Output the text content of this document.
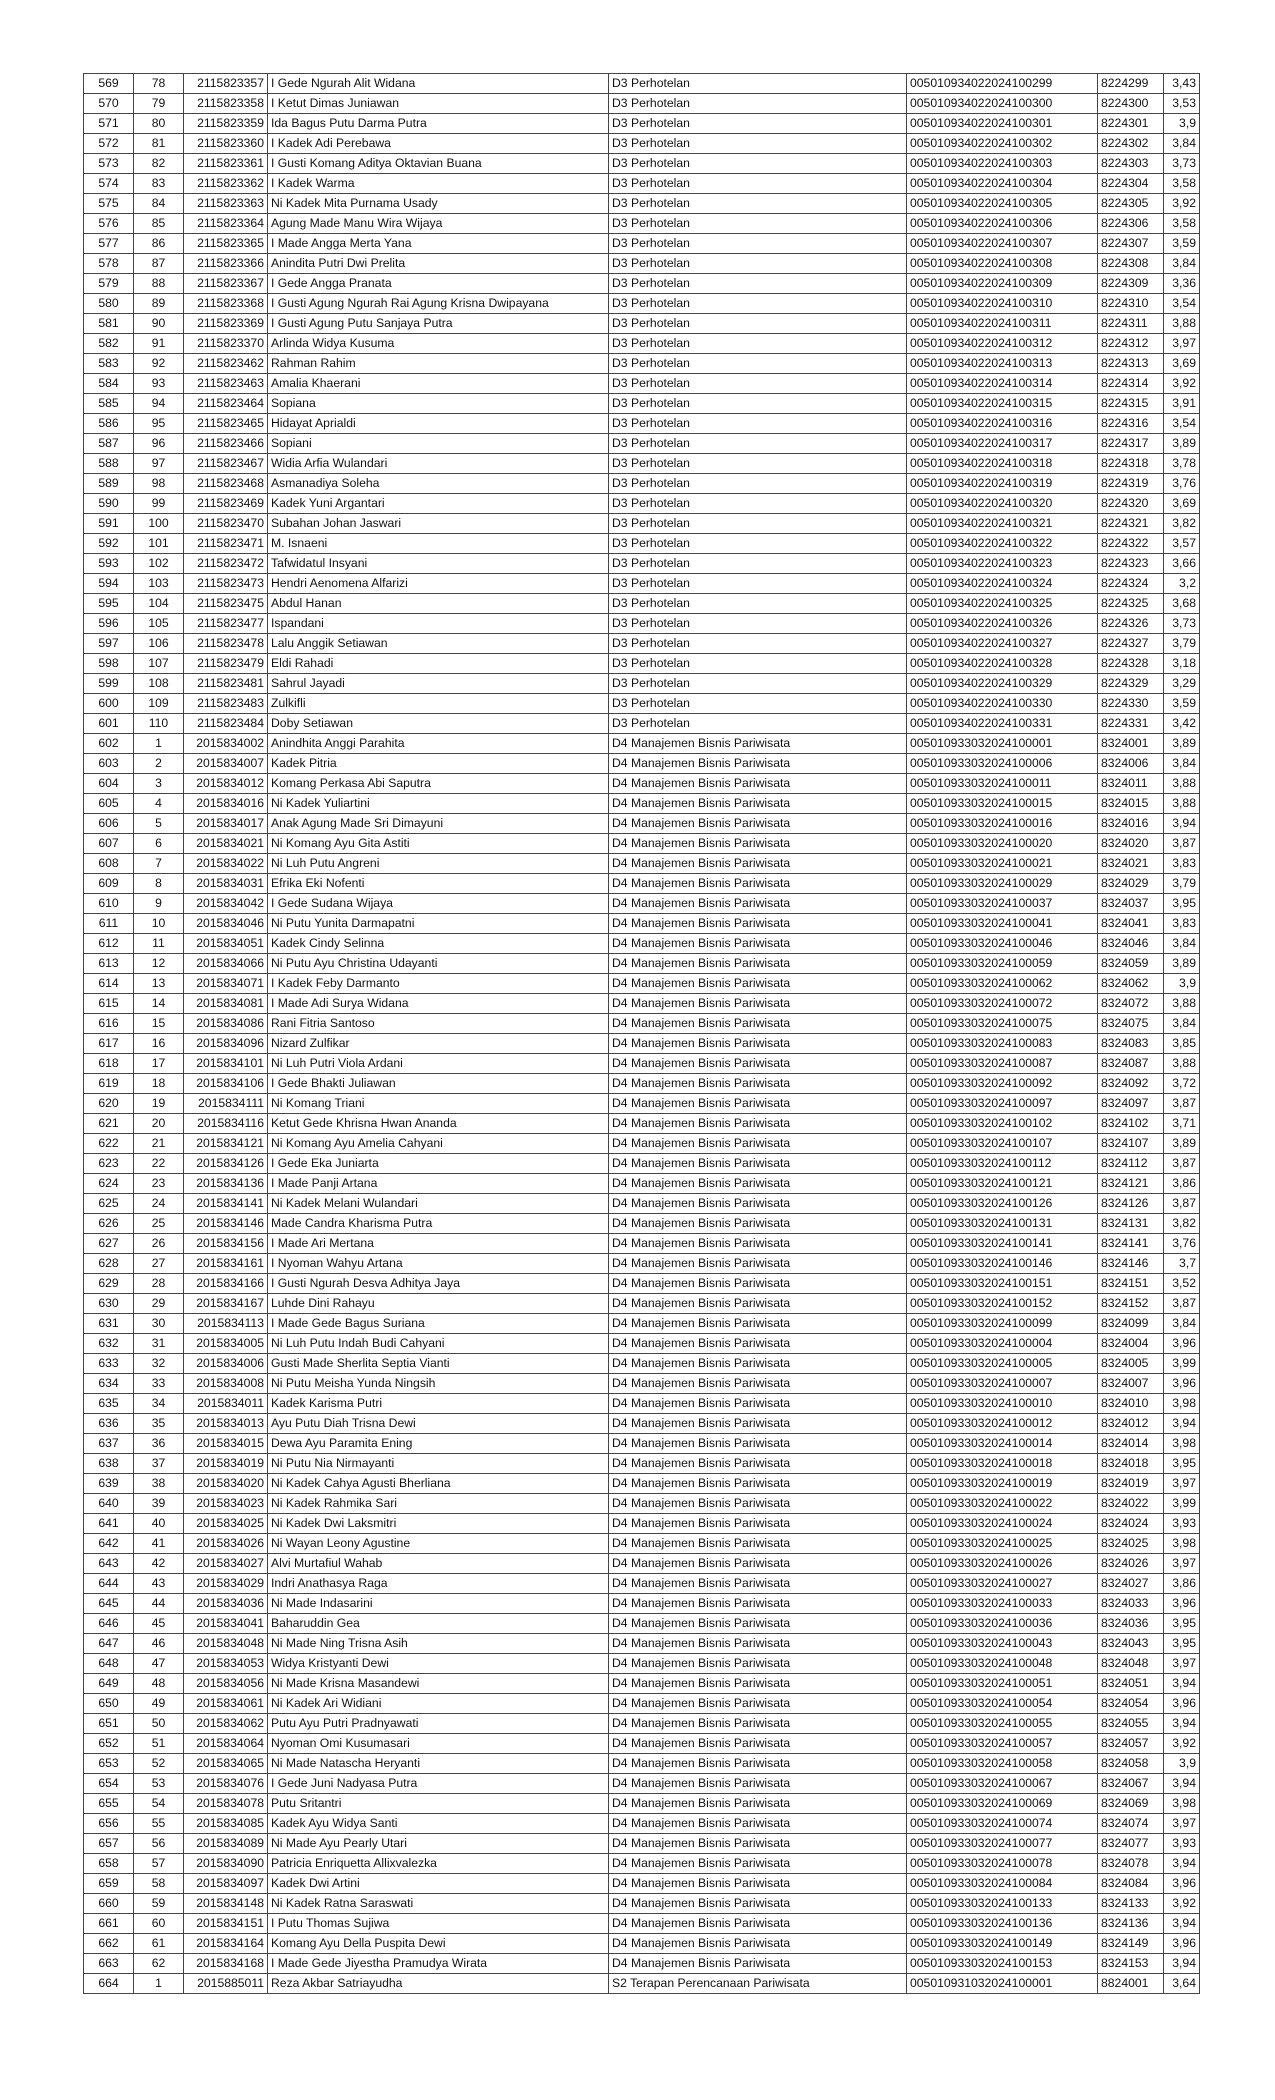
569	78	2115823357	I Gede Ngurah Alit Widana	D3 Perhotelan	005010934022024100299	8224299	3,43
570	79	2115823358	I Ketut Dimas Juniawan	D3 Perhotelan	005010934022024100300	8224300	3,53
571	80	2115823359	Ida Bagus Putu Darma Putra	D3 Perhotelan	005010934022024100301	8224301	3,9
572	81	2115823360	I Kadek Adi Perebawa	D3 Perhotelan	005010934022024100302	8224302	3,84
573	82	2115823361	I Gusti Komang Aditya Oktavian Buana	D3 Perhotelan	005010934022024100303	8224303	3,73
574	83	2115823362	I Kadek Warma	D3 Perhotelan	005010934022024100304	8224304	3,58
575	84	2115823363	Ni Kadek Mita Purnama Usady	D3 Perhotelan	005010934022024100305	8224305	3,92
576	85	2115823364	Agung Made Manu Wira Wijaya	D3 Perhotelan	005010934022024100306	8224306	3,58
577	86	2115823365	I Made Angga Merta Yana	D3 Perhotelan	005010934022024100307	8224307	3,59
578	87	2115823366	Anindita Putri Dwi Prelita	D3 Perhotelan	005010934022024100308	8224308	3,84
579	88	2115823367	I Gede Angga Pranata	D3 Perhotelan	005010934022024100309	8224309	3,36
580	89	2115823368	I Gusti Agung Ngurah Rai Agung Krisna Dwipayana	D3 Perhotelan	005010934022024100310	8224310	3,54
581	90	2115823369	I Gusti Agung Putu Sanjaya Putra	D3 Perhotelan	005010934022024100311	8224311	3,88
582	91	2115823370	Arlinda Widya Kusuma	D3 Perhotelan	005010934022024100312	8224312	3,97
583	92	2115823462	Rahman Rahim	D3 Perhotelan	005010934022024100313	8224313	3,69
584	93	2115823463	Amalia Khaerani	D3 Perhotelan	005010934022024100314	8224314	3,92
585	94	2115823464	Sopiana	D3 Perhotelan	005010934022024100315	8224315	3,91
586	95	2115823465	Hidayat Aprialdi	D3 Perhotelan	005010934022024100316	8224316	3,54
587	96	2115823466	Sopiani	D3 Perhotelan	005010934022024100317	8224317	3,89
588	97	2115823467	Widia Arfia Wulandari	D3 Perhotelan	005010934022024100318	8224318	3,78
589	98	2115823468	Asmanadiya Soleha	D3 Perhotelan	005010934022024100319	8224319	3,76
590	99	2115823469	Kadek Yuni Argantari	D3 Perhotelan	005010934022024100320	8224320	3,69
591	100	2115823470	Subahan Johan Jaswari	D3 Perhotelan	005010934022024100321	8224321	3,82
592	101	2115823471	M. Isnaeni	D3 Perhotelan	005010934022024100322	8224322	3,57
593	102	2115823472	Tafwidatul Insyani	D3 Perhotelan	005010934022024100323	8224323	3,66
594	103	2115823473	Hendri Aenomena Alfarizi	D3 Perhotelan	005010934022024100324	8224324	3,2
595	104	2115823475	Abdul Hanan	D3 Perhotelan	005010934022024100325	8224325	3,68
596	105	2115823477	Ispandani	D3 Perhotelan	005010934022024100326	8224326	3,73
597	106	2115823478	Lalu Anggik Setiawan	D3 Perhotelan	005010934022024100327	8224327	3,79
598	107	2115823479	Eldi Rahadi	D3 Perhotelan	005010934022024100328	8224328	3,18
599	108	2115823481	Sahrul Jayadi	D3 Perhotelan	005010934022024100329	8224329	3,29
600	109	2115823483	Zulkifli	D3 Perhotelan	005010934022024100330	8224330	3,59
601	110	2115823484	Doby Setiawan	D3 Perhotelan	005010934022024100331	8224331	3,42
602	1	2015834002	Anindhita Anggi Parahita	D4 Manajemen Bisnis Pariwisata	005010933032024100001	8324001	3,89
603	2	2015834007	Kadek Pitria	D4 Manajemen Bisnis Pariwisata	005010933032024100006	8324006	3,84
604	3	2015834012	Komang Perkasa Abi Saputra	D4 Manajemen Bisnis Pariwisata	005010933032024100011	8324011	3,88
605	4	2015834016	Ni Kadek Yuliartini	D4 Manajemen Bisnis Pariwisata	005010933032024100015	8324015	3,88
606	5	2015834017	Anak Agung Made Sri Dimayuni	D4 Manajemen Bisnis Pariwisata	005010933032024100016	8324016	3,94
607	6	2015834021	Ni Komang Ayu Gita Astiti	D4 Manajemen Bisnis Pariwisata	005010933032024100020	8324020	3,87
608	7	2015834022	Ni Luh Putu Angreni	D4 Manajemen Bisnis Pariwisata	005010933032024100021	8324021	3,83
609	8	2015834031	Efrika Eki Nofenti	D4 Manajemen Bisnis Pariwisata	005010933032024100029	8324029	3,79
610	9	2015834042	I Gede Sudana Wijaya	D4 Manajemen Bisnis Pariwisata	005010933032024100037	8324037	3,95
611	10	2015834046	Ni Putu Yunita Darmapatni	D4 Manajemen Bisnis Pariwisata	005010933032024100041	8324041	3,83
612	11	2015834051	Kadek Cindy Selinna	D4 Manajemen Bisnis Pariwisata	005010933032024100046	8324046	3,84
613	12	2015834066	Ni Putu Ayu Christina Udayanti	D4 Manajemen Bisnis Pariwisata	005010933032024100059	8324059	3,89
614	13	2015834071	I Kadek Feby Darmanto	D4 Manajemen Bisnis Pariwisata	005010933032024100062	8324062	3,9
615	14	2015834081	I Made Adi Surya Widana	D4 Manajemen Bisnis Pariwisata	005010933032024100072	8324072	3,88
616	15	2015834086	Rani Fitria Santoso	D4 Manajemen Bisnis Pariwisata	005010933032024100075	8324075	3,84
617	16	2015834096	Nizard Zulfikar	D4 Manajemen Bisnis Pariwisata	005010933032024100083	8324083	3,85
618	17	2015834101	Ni Luh Putri Viola Ardani	D4 Manajemen Bisnis Pariwisata	005010933032024100087	8324087	3,88
619	18	2015834106	I Gede Bhakti Juliawan	D4 Manajemen Bisnis Pariwisata	005010933032024100092	8324092	3,72
620	19	2015834111	Ni Komang Triani	D4 Manajemen Bisnis Pariwisata	005010933032024100097	8324097	3,87
621	20	2015834116	Ketut Gede Khrisna Hwan Ananda	D4 Manajemen Bisnis Pariwisata	005010933032024100102	8324102	3,71
622	21	2015834121	Ni Komang Ayu Amelia Cahyani	D4 Manajemen Bisnis Pariwisata	005010933032024100107	8324107	3,89
623	22	2015834126	I Gede Eka Juniarta	D4 Manajemen Bisnis Pariwisata	005010933032024100112	8324112	3,87
624	23	2015834136	I Made Panji Artana	D4 Manajemen Bisnis Pariwisata	005010933032024100121	8324121	3,86
625	24	2015834141	Ni Kadek Melani Wulandari	D4 Manajemen Bisnis Pariwisata	005010933032024100126	8324126	3,87
626	25	2015834146	Made Candra Kharisma Putra	D4 Manajemen Bisnis Pariwisata	005010933032024100131	8324131	3,82
627	26	2015834156	I Made Ari Mertana	D4 Manajemen Bisnis Pariwisata	005010933032024100141	8324141	3,76
628	27	2015834161	I Nyoman Wahyu Artana	D4 Manajemen Bisnis Pariwisata	005010933032024100146	8324146	3,7
629	28	2015834166	I Gusti Ngurah Desva Adhitya Jaya	D4 Manajemen Bisnis Pariwisata	005010933032024100151	8324151	3,52
630	29	2015834167	Luhde Dini Rahayu	D4 Manajemen Bisnis Pariwisata	005010933032024100152	8324152	3,87
631	30	2015834113	I Made Gede Bagus Suriana	D4 Manajemen Bisnis Pariwisata	005010933032024100099	8324099	3,84
632	31	2015834005	Ni Luh Putu Indah Budi Cahyani	D4 Manajemen Bisnis Pariwisata	005010933032024100004	8324004	3,96
633	32	2015834006	Gusti Made Sherlita Septia Vianti	D4 Manajemen Bisnis Pariwisata	005010933032024100005	8324005	3,99
634	33	2015834008	Ni Putu Meisha Yunda Ningsih	D4 Manajemen Bisnis Pariwisata	005010933032024100007	8324007	3,96
635	34	2015834011	Kadek Karisma Putri	D4 Manajemen Bisnis Pariwisata	005010933032024100010	8324010	3,98
636	35	2015834013	Ayu Putu Diah Trisna Dewi	D4 Manajemen Bisnis Pariwisata	005010933032024100012	8324012	3,94
637	36	2015834015	Dewa Ayu Paramita Ening	D4 Manajemen Bisnis Pariwisata	005010933032024100014	8324014	3,98
638	37	2015834019	Ni Putu Nia Nirmayanti	D4 Manajemen Bisnis Pariwisata	005010933032024100018	8324018	3,95
639	38	2015834020	Ni Kadek Cahya Agusti Bherliana	D4 Manajemen Bisnis Pariwisata	005010933032024100019	8324019	3,97
640	39	2015834023	Ni Kadek Rahmika Sari	D4 Manajemen Bisnis Pariwisata	005010933032024100022	8324022	3,99
641	40	2015834025	Ni Kadek Dwi Laksmitri	D4 Manajemen Bisnis Pariwisata	005010933032024100024	8324024	3,93
642	41	2015834026	Ni Wayan Leony Agustine	D4 Manajemen Bisnis Pariwisata	005010933032024100025	8324025	3,98
643	42	2015834027	Alvi Murtafiul Wahab	D4 Manajemen Bisnis Pariwisata	005010933032024100026	8324026	3,97
644	43	2015834029	Indri Anathasya Raga	D4 Manajemen Bisnis Pariwisata	005010933032024100027	8324027	3,86
645	44	2015834036	Ni Made Indasarini	D4 Manajemen Bisnis Pariwisata	005010933032024100033	8324033	3,96
646	45	2015834041	Baharuddin Gea	D4 Manajemen Bisnis Pariwisata	005010933032024100036	8324036	3,95
647	46	2015834048	Ni Made Ning Trisna Asih	D4 Manajemen Bisnis Pariwisata	005010933032024100043	8324043	3,95
648	47	2015834053	Widya Kristyanti Dewi	D4 Manajemen Bisnis Pariwisata	005010933032024100048	8324048	3,97
649	48	2015834056	Ni Made Krisna Masandewi	D4 Manajemen Bisnis Pariwisata	005010933032024100051	8324051	3,94
650	49	2015834061	Ni Kadek Ari Widiani	D4 Manajemen Bisnis Pariwisata	005010933032024100054	8324054	3,96
651	50	2015834062	Putu Ayu Putri Pradnyawati	D4 Manajemen Bisnis Pariwisata	005010933032024100055	8324055	3,94
652	51	2015834064	Nyoman Omi Kusumasari	D4 Manajemen Bisnis Pariwisata	005010933032024100057	8324057	3,92
653	52	2015834065	Ni Made Natascha Heryanti	D4 Manajemen Bisnis Pariwisata	005010933032024100058	8324058	3,9
654	53	2015834076	I Gede Juni Nadyasa Putra	D4 Manajemen Bisnis Pariwisata	005010933032024100067	8324067	3,94
655	54	2015834078	Putu Sritantri	D4 Manajemen Bisnis Pariwisata	005010933032024100069	8324069	3,98
656	55	2015834085	Kadek Ayu Widya Santi	D4 Manajemen Bisnis Pariwisata	005010933032024100074	8324074	3,97
657	56	2015834089	Ni Made Ayu Pearly Utari	D4 Manajemen Bisnis Pariwisata	005010933032024100077	8324077	3,93
658	57	2015834090	Patricia Enriquetta Allixvalezka	D4 Manajemen Bisnis Pariwisata	005010933032024100078	8324078	3,94
659	58	2015834097	Kadek Dwi Artini	D4 Manajemen Bisnis Pariwisata	005010933032024100084	8324084	3,96
660	59	2015834148	Ni Kadek Ratna Saraswati	D4 Manajemen Bisnis Pariwisata	005010933032024100133	8324133	3,92
661	60	2015834151	I Putu Thomas Sujiwa	D4 Manajemen Bisnis Pariwisata	005010933032024100136	8324136	3,94
662	61	2015834164	Komang Ayu Della Puspita Dewi	D4 Manajemen Bisnis Pariwisata	005010933032024100149	8324149	3,96
663	62	2015834168	I Made Gede Jiyestha Pramudya Wirata	D4 Manajemen Bisnis Pariwisata	005010933032024100153	8324153	3,94
664	1	2015885011	Reza Akbar Satriayudha	S2 Terapan Perencanaan Pariwisata	005010931032024100001	8824001	3,64
